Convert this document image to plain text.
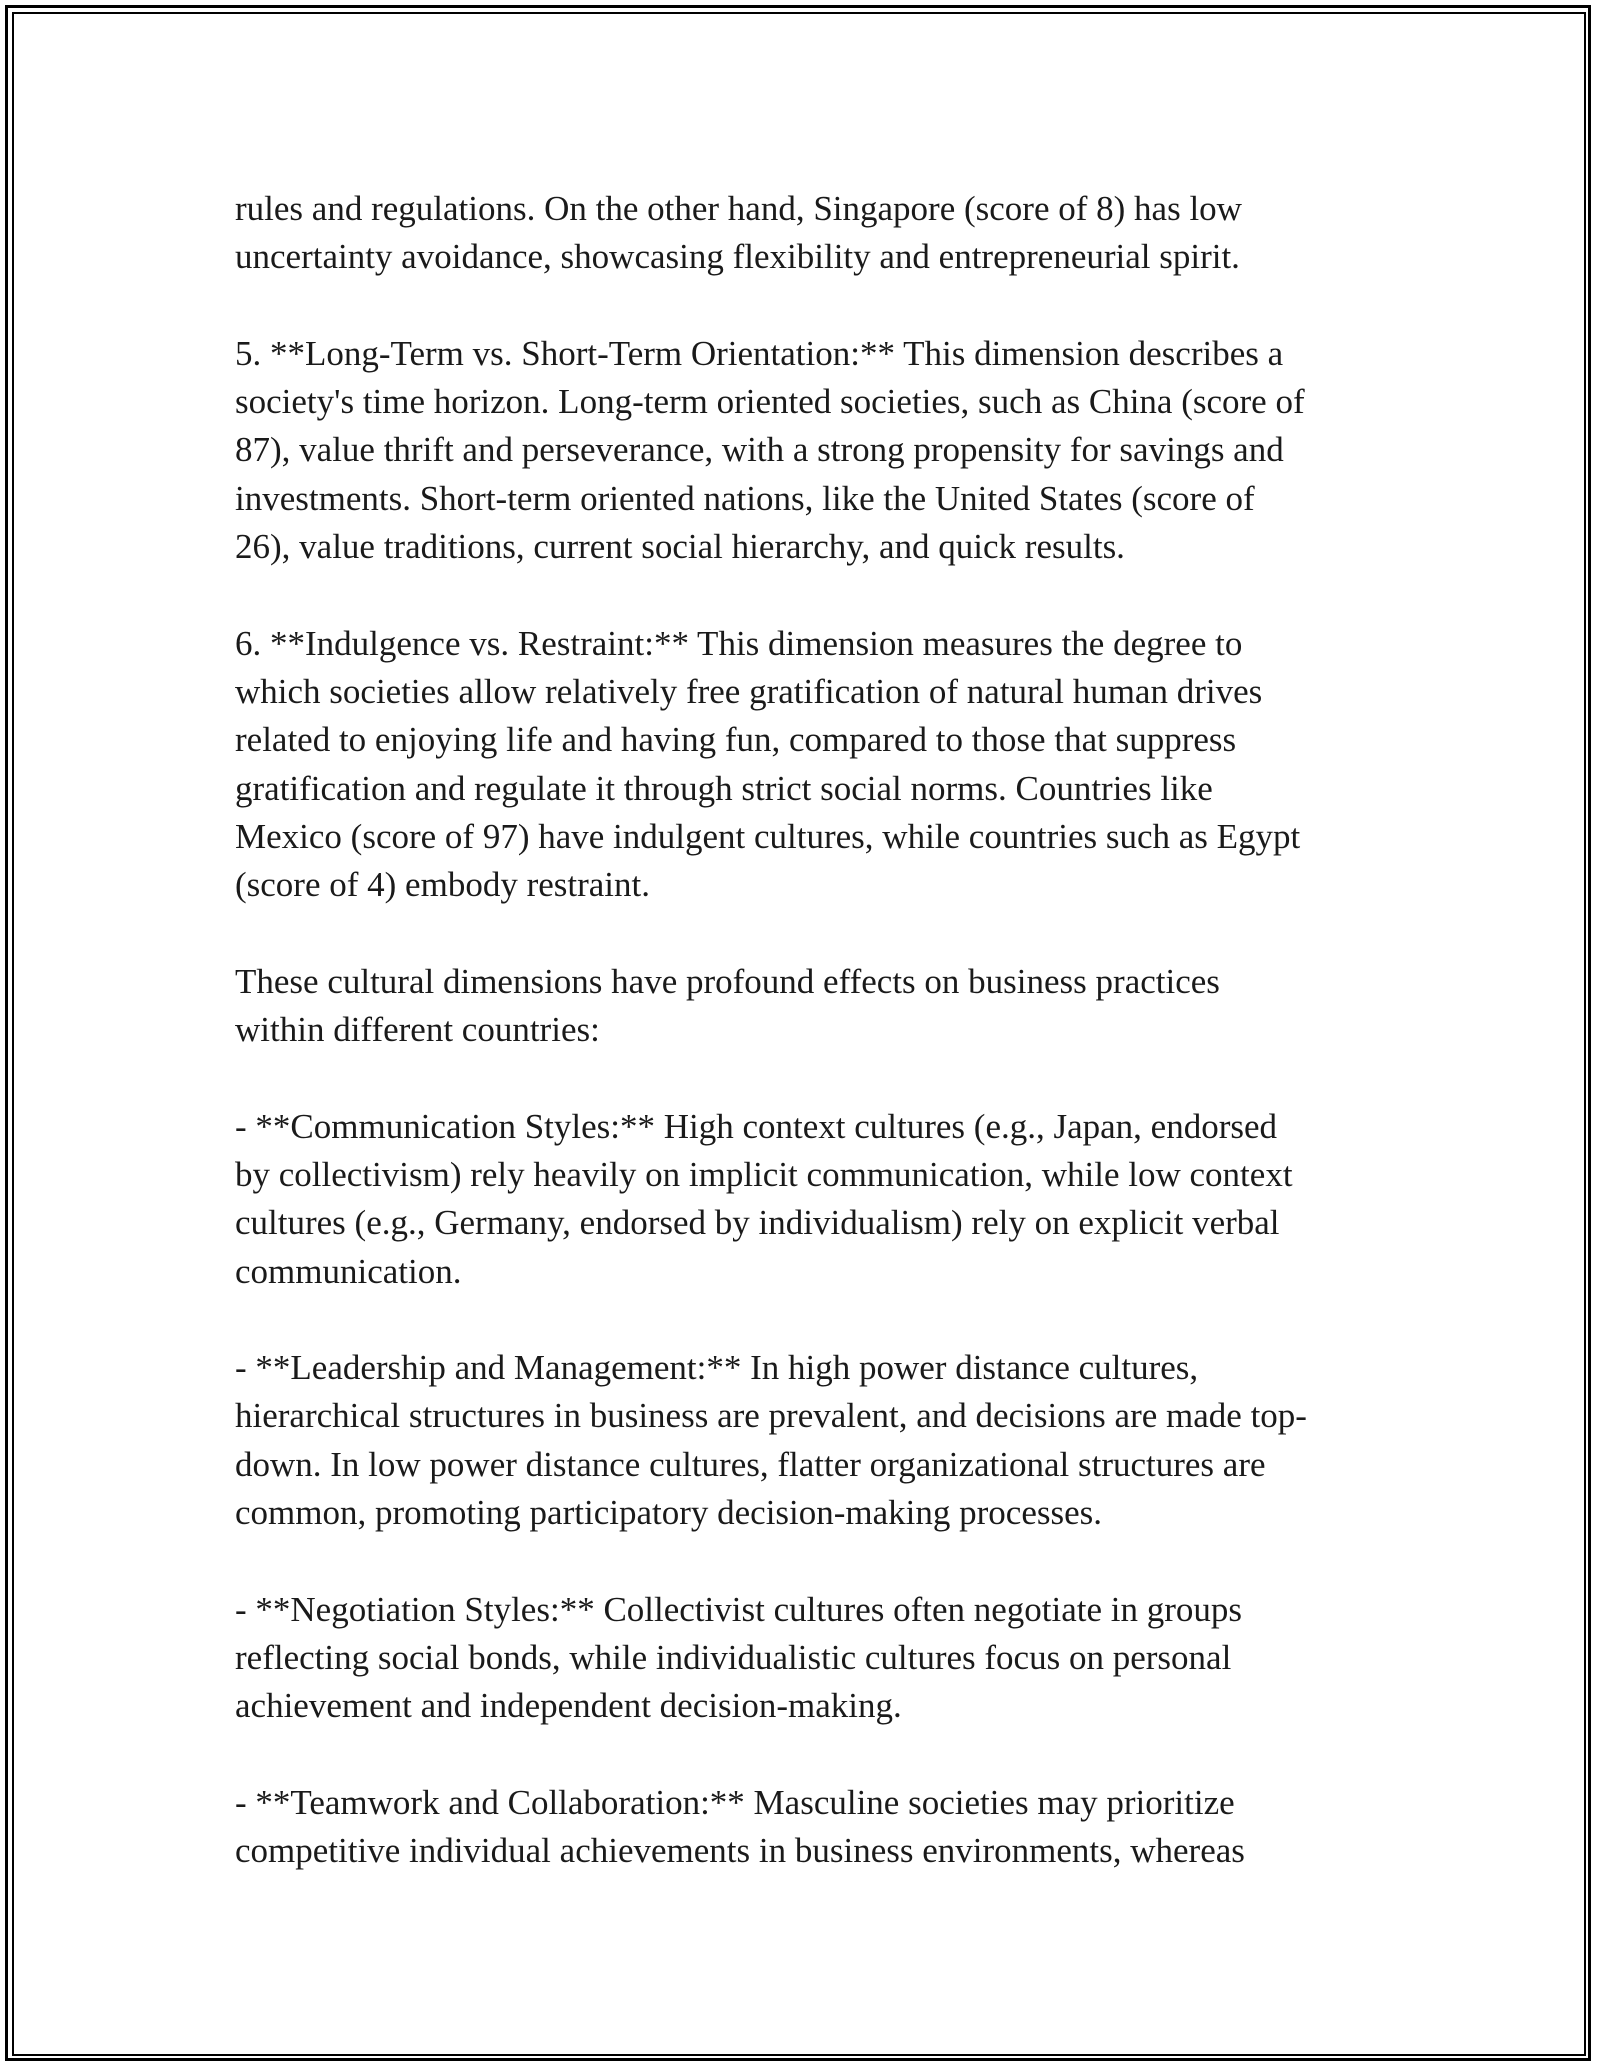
rules and regulations. On the other hand, Singapore (score of 8) has low
uncertainty avoidance, showcasing flexibility and entrepreneurial spirit.

5. **Long-Term vs. Short-Term Orientation:** This dimension describes a
society's time horizon. Long-term oriented societies, such as China (score of
87), value thrift and perseverance, with a strong propensity for savings and
investments. Short-term oriented nations, like the United States (score of
26), value traditions, current social hierarchy, and quick results.

6. **Indulgence vs. Restraint:** This dimension measures the degree to
which societies allow relatively free gratification of natural human drives
related to enjoying life and having fun, compared to those that suppress
gratification and regulate it through strict social norms. Countries like
Mexico (score of 97) have indulgent cultures, while countries such as Egypt
(score of 4) embody restraint.

These cultural dimensions have profound effects on business practices
within different countries:

- **Communication Styles:** High context cultures (e.g., Japan, endorsed
by collectivism) rely heavily on implicit communication, while low context
cultures (e.g., Germany, endorsed by individualism) rely on explicit verbal
communication.

- **Leadership and Management:** In high power distance cultures,
hierarchical structures in business are prevalent, and decisions are made top-
down. In low power distance cultures, flatter organizational structures are
common, promoting participatory decision-making processes.

- **Negotiation Styles:** Collectivist cultures often negotiate in groups
reflecting social bonds, while individualistic cultures focus on personal
achievement and independent decision-making.

- **Teamwork and Collaboration:** Masculine societies may prioritize
competitive individual achievements in business environments, whereas
